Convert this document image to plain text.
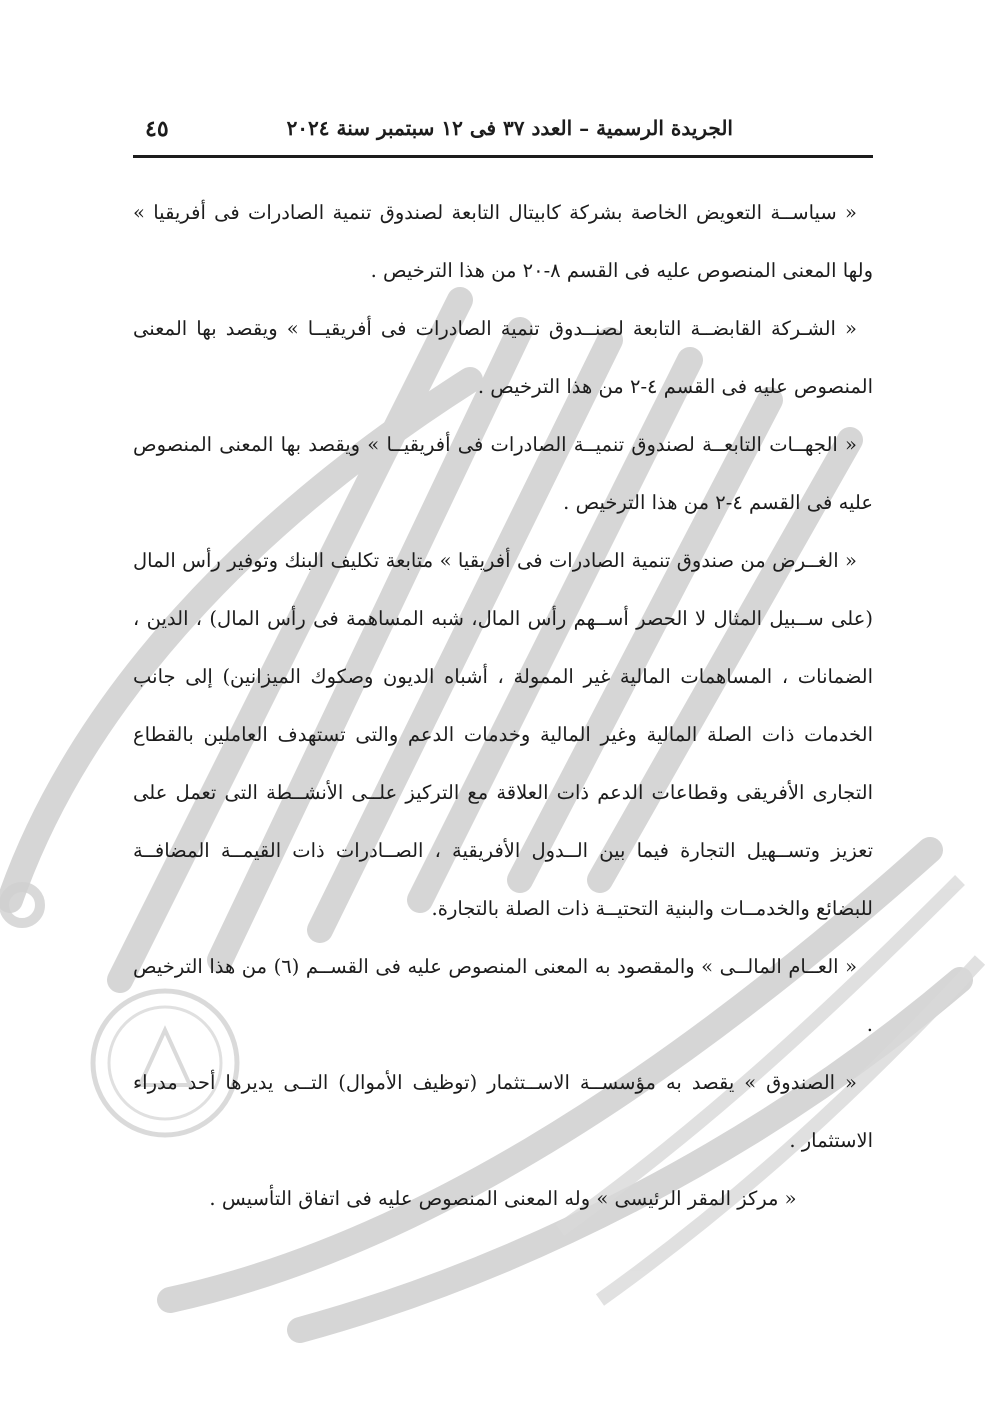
الجريدة الرسمية – العدد ٣٧ فى ١٢ سبتمبر سنة ٢٠٢٤
٤٥

« سياســة التعويض الخاصة بشركة كابيتال التابعة لصندوق تنمية الصادرات فى أفريقيا » ولها المعنى المنصوص عليه فى القسم ٨-٢٠ من هذا الترخيص .

« الشـركة القابضــة التابعة لصنــدوق تنمية الصادرات فى أفريقيــا » ويقصد بها المعنى المنصوص عليه فى القسم ٤-٢ من هذا الترخيص .

« الجهــات التابعــة لصندوق تنميــة الصادرات فى أفريقيــا » ويقصد بها المعنى المنصوص عليه فى القسم ٤-٢ من هذا الترخيص .

« الغــرض من صندوق تنمية الصادرات فى أفريقيا » متابعة تكليف البنك وتوفير رأس المال (على ســبيل المثال لا الحصر أســهم رأس المال، شبه المساهمة فى رأس المال) ، الدين ، الضمانات ، المساهمات المالية غير الممولة ، أشباه الديون وصكوك الميزانين) إلى جانب الخدمات ذات الصلة المالية وغير المالية وخدمات الدعم والتى تستهدف العاملين بالقطاع التجارى الأفريقى وقطاعات الدعم ذات العلاقة مع التركيز علــى الأنشــطة التى تعمل على تعزيز وتســهيل التجارة فيما بين الــدول الأفريقية ، الصــادرات ذات القيمــة المضافــة للبضائع والخدمــات والبنية التحتيــة ذات الصلة بالتجارة.

« العــام المالــى » والمقصود به المعنى المنصوص عليه فى القســم (٦) من هذا الترخيص .

« الصندوق » يقصد به مؤسســة الاســتثمار (توظيف الأموال) التــى يديرها أحد مدراء الاستثمار .

« مركز المقر الرئيسى » وله المعنى المنصوص عليه فى اتفاق التأسيس .
